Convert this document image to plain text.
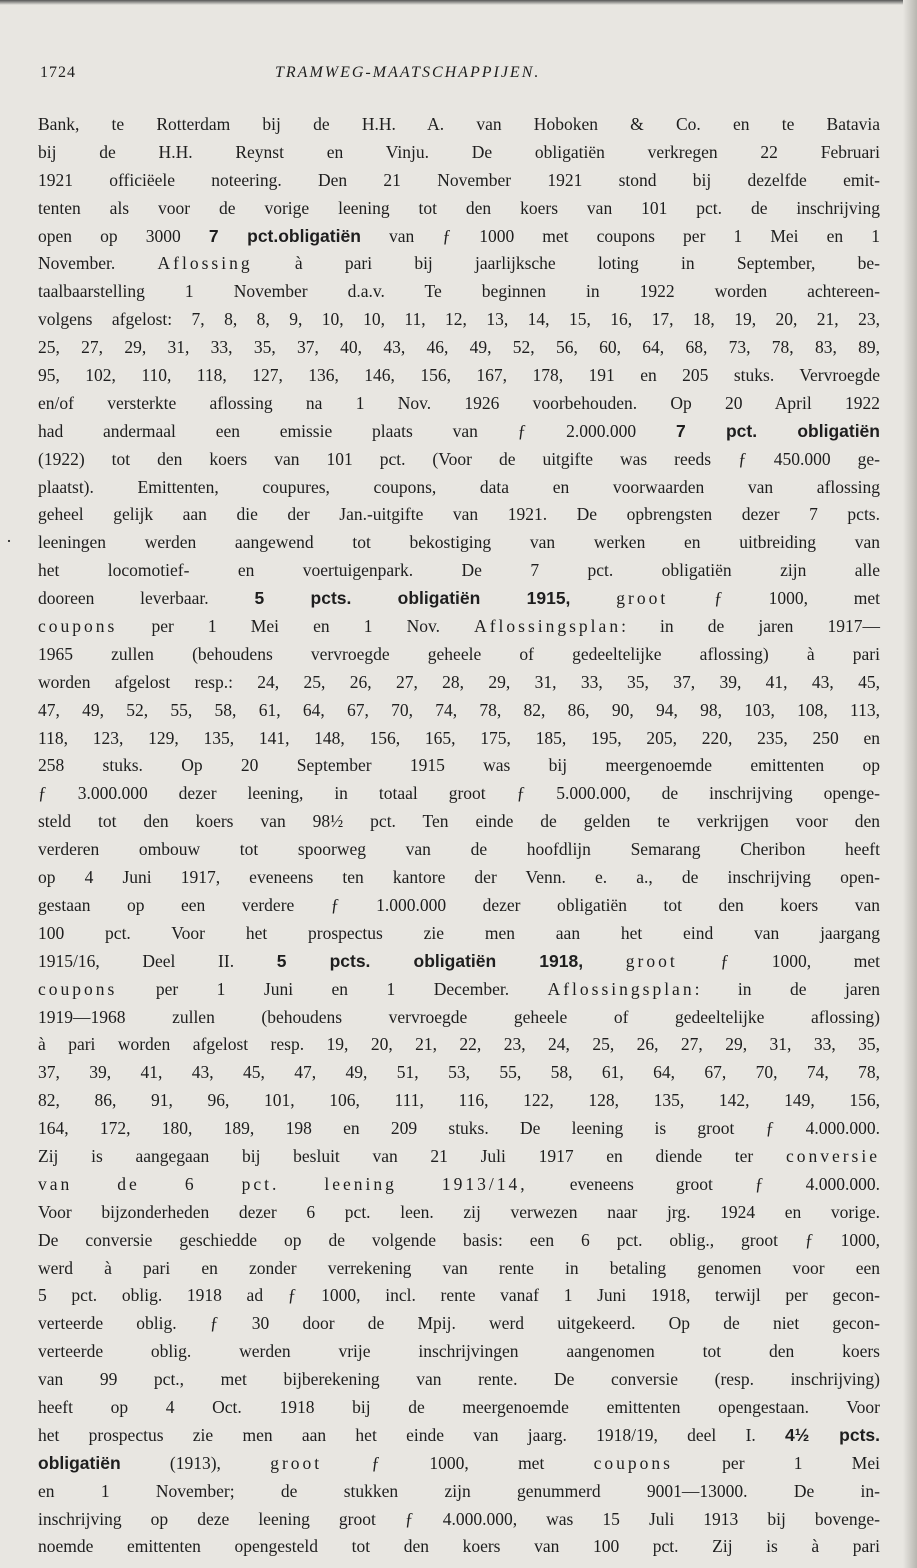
1724	TRAMWEG-MAATSCHAPPIJEN.
·
Bank, te Rotterdam bij de H.H. A. van Hoboken & Co. en te Batavia
bij de H.H. Reynst en Vinju. De obligatiën verkregen 22 Februari
1921 officiëele noteering. Den 21 November 1921 stond bij dezelfde emit-
tenten als voor de vorige leening tot den koers van 101 pct. de inschrijving
open op 3000 7 pct.obligatiën van ƒ 1000 met coupons per 1 Mei en 1
November. Aflossing à pari bij jaarlijksche loting in September, be-
taalbaarstelling 1 November d.a.v. Te beginnen in 1922 worden achtereen-
volgens afgelost: 7, 8, 8, 9, 10, 10, 11, 12, 13, 14, 15, 16, 17, 18, 19, 20, 21, 23,
25, 27, 29, 31, 33, 35, 37, 40, 43, 46, 49, 52, 56, 60, 64, 68, 73, 78, 83, 89,
95, 102, 110, 118, 127, 136, 146, 156, 167, 178, 191 en 205 stuks. Vervroegde
en/of versterkte aflossing na 1 Nov. 1926 voorbehouden. Op 20 April 1922
had andermaal een emissie plaats van ƒ 2.000.000 7 pct. obligatiën
(1922) tot den koers van 101 pct. (Voor de uitgifte was reeds ƒ 450.000 ge-
plaatst). Emittenten, coupures, coupons, data en voorwaarden van aflossing
geheel gelijk aan die der Jan.-uitgifte van 1921. De opbrengsten dezer 7 pcts.
leeningen werden aangewend tot bekostiging van werken en uitbreiding van
het locomotief- en voertuigenpark. De 7 pct. obligatiën zijn alle
dooreen leverbaar. 5 pcts. obligatiën 1915,	groot ƒ 1000, met
coupons per 1 Mei en 1 Nov. Aflossingsplan: in de jaren 1917—
1965 zullen (behoudens vervroegde geheele of gedeeltelijke aflossing) à pari
worden afgelost resp.: 24, 25, 26, 27, 28, 29, 31, 33, 35, 37, 39, 41, 43, 45,
47, 49, 52, 55, 58, 61, 64, 67, 70, 74, 78, 82, 86, 90, 94, 98, 103, 108, 113,
118, 123, 129, 135, 141, 148, 156, 165, 175, 185, 195, 205, 220, 235, 250 en
258 stuks. Op 20 September 1915 was bij meergenoemde emittenten op
ƒ 3.000.000 dezer leening, in totaal groot ƒ 5.000.000, de inschrijving openge-
steld tot den koers van 98½ pct. Ten einde de gelden te verkrijgen voor den
verderen ombouw tot spoorweg van de hoofdlijn Semarang Cheribon heeft
op 4 Juni 1917, eveneens ten kantore der Venn. e. a., de inschrijving open-
gestaan op een verdere ƒ 1.000.000 dezer obligatiën tot den koers van
100 pct. Voor het prospectus zie men aan het eind van jaargang
1915/16, Deel II. 5 pcts. obligatiën 1918, groot ƒ 1000, met
coupons per 1 Juni en 1 December. Aflossingsplan: in de jaren
1919—1968 zullen (behoudens vervroegde geheele of gedeeltelijke aflossing)
à pari worden afgelost resp. 19, 20, 21, 22, 23, 24, 25, 26, 27, 29, 31, 33, 35,
37, 39, 41, 43, 45, 47, 49, 51, 53, 55, 58, 61, 64, 67, 70, 74, 78,
82, 86, 91, 96, 101, 106, 111, 116, 122, 128, 135, 142, 149, 156,
164, 172, 180, 189, 198 en 209 stuks. De leening is groot ƒ 4.000.000.
Zij is aangegaan bij besluit van 21 Juli 1917 en diende ter conversie
van de 6 pct. leening 1913/14, eveneens groot ƒ 4.000.000.
Voor bijzonderheden dezer 6 pct. leen. zij verwezen naar jrg. 1924 en vorige.
De conversie geschiedde op de volgende basis: een 6 pct. oblig., groot ƒ 1000,
werd à pari en zonder verrekening van rente in betaling genomen voor een
5 pct. oblig. 1918 ad ƒ 1000, incl. rente vanaf 1 Juni 1918, terwijl per gecon-
verteerde oblig. ƒ 30 door de Mpij. werd uitgekeerd. Op de niet gecon-
verteerde oblig. werden vrije inschrijvingen aangenomen tot den koers
van 99 pct., met bijberekening van rente. De conversie (resp. inschrijving)
heeft op 4 Oct. 1918 bij de meergenoemde emittenten opengestaan. Voor
het prospectus zie men aan het einde van jaarg. 1918/19, deel I. 4½ pcts.
obligatiën (1913), groot ƒ 1000, met coupons per 1 Mei
en 1 November; de stukken zijn genummerd 9001—13000. De in-
inschrijving op deze leening groot ƒ 4.000.000, was 15 Juli 1913 bij bovenge-
noemde emittenten opengesteld tot den koers van 100 pct. Zij is à pari
